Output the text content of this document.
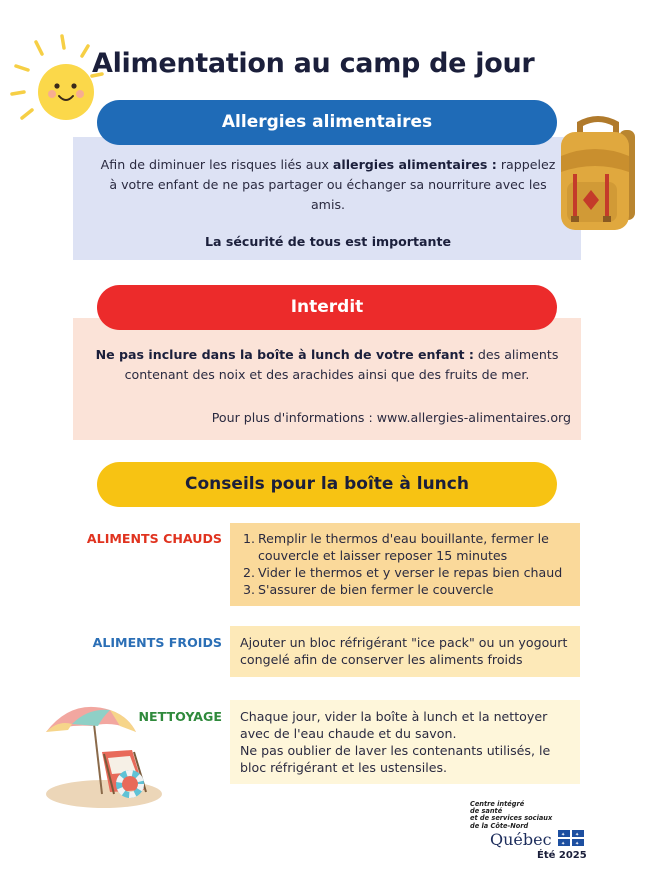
Alimentation au camp de jour
Allergies alimentaires
Afin de diminuer les risques liés aux allergies alimentaires : rappelez à votre enfant de ne pas partager ou échanger sa nourriture avec les amis.
La sécurité de tous est importante
Interdit
Ne pas inclure dans la boîte à lunch de votre enfant : des aliments contenant des noix et des arachides ainsi que des fruits de mer.
Pour plus d'informations : www.allergies-alimentaires.org
Conseils pour la boîte à lunch
ALIMENTS CHAUDS 1. Remplir le thermos d'eau bouillante, fermer le couvercle et laisser reposer 15 minutes
2. Vider le thermos et y verser le repas bien chaud
3. S'assurer de bien fermer le couvercle
ALIMENTS FROIDS	Ajouter un bloc réfrigérant "ice pack" ou un yogourt congelé afin de conserver les aliments froids
NETTOYAGE Chaque jour, vider la boîte à lunch et la nettoyer avec de l'eau chaude et du savon.
Ne pas oublier de laver les contenants utilisés, le bloc réfrigérant et les ustensiles.
Centre intégré
de santé
et de services sociaux
de la Côte-Nord
Québec ✦ ✦
✦ ✦
Été 2025
